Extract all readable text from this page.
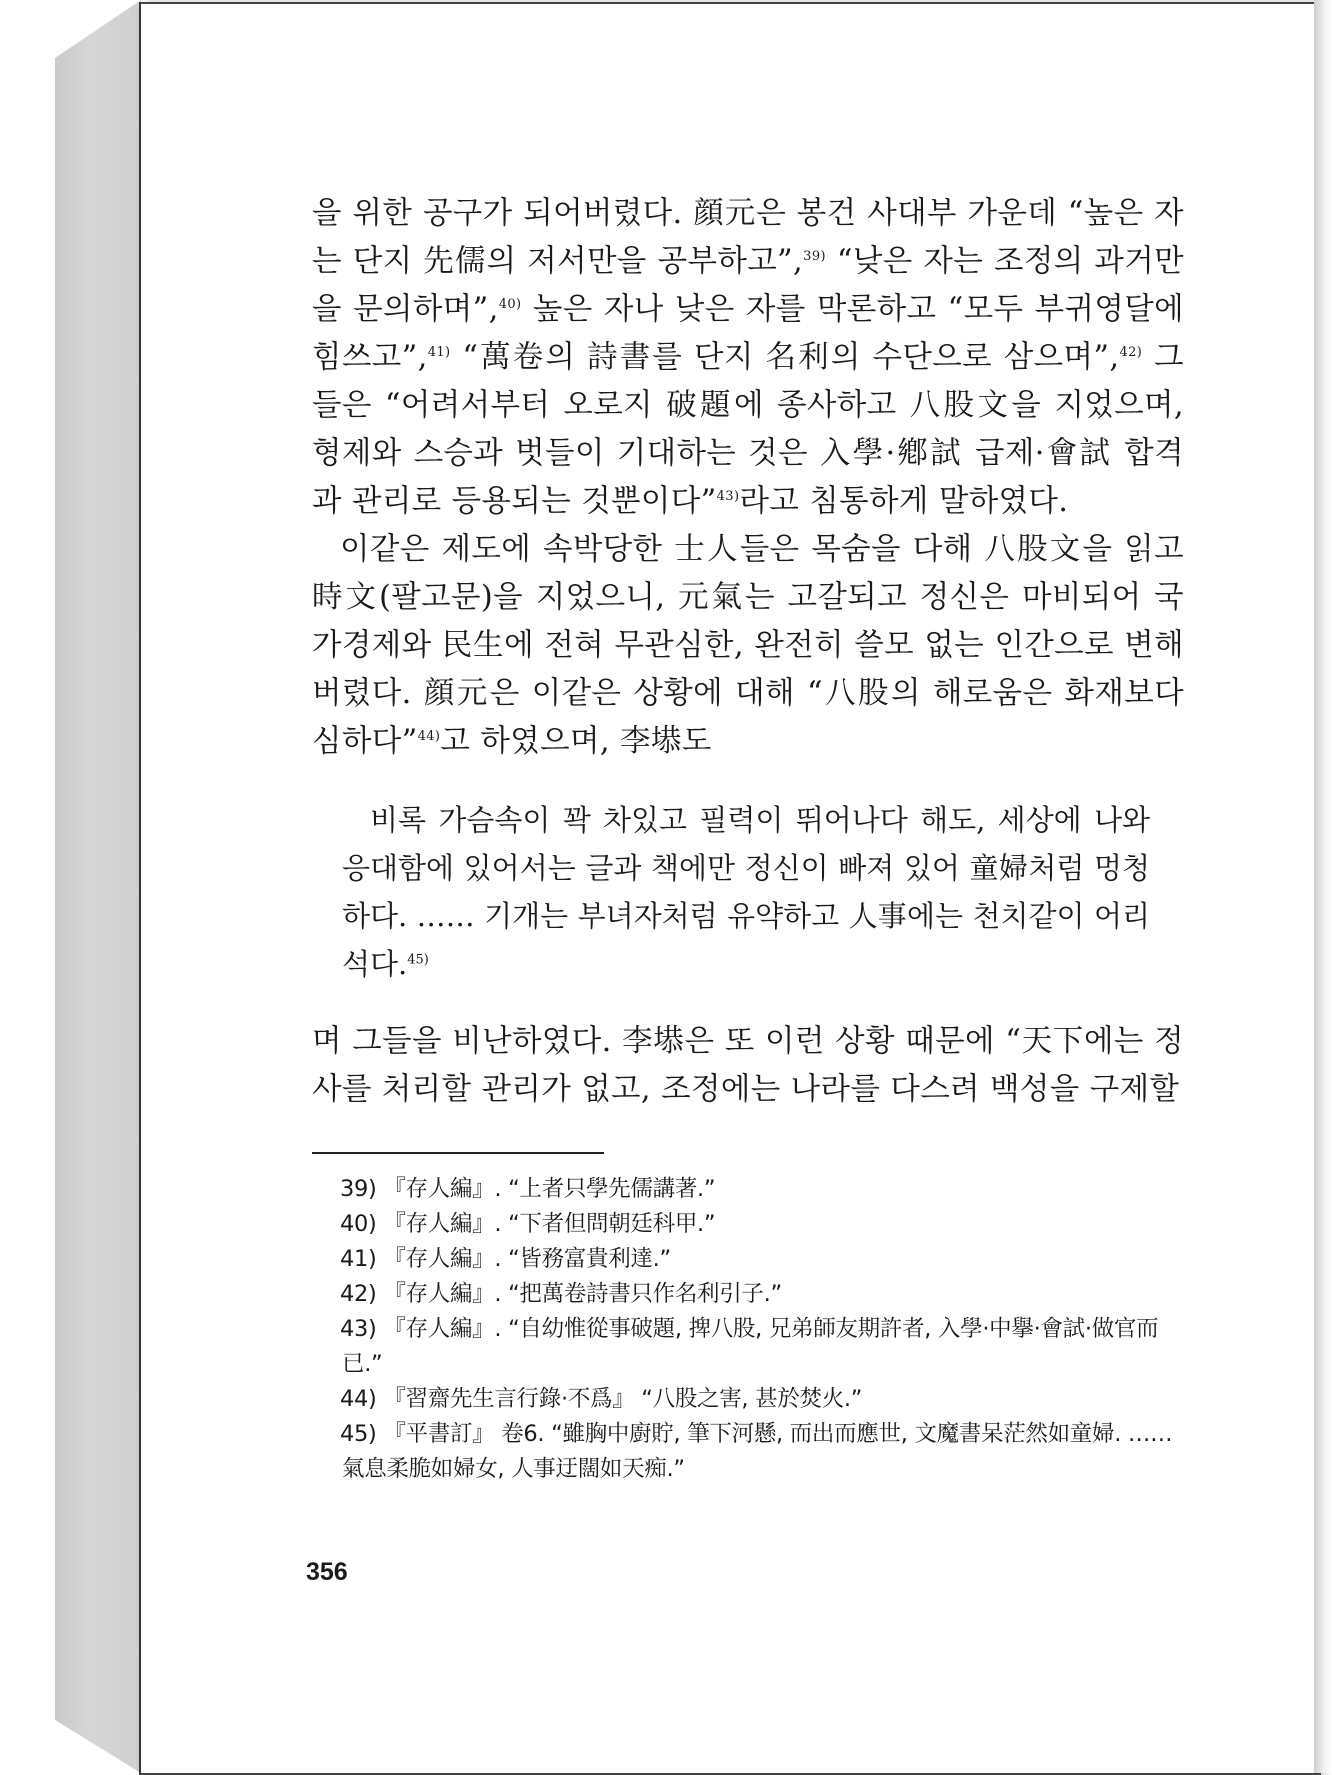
을 위한 공구가 되어버렸다. 顔元은 봉건 사대부 가운데 “높은 자는 단지 先儒의 저서만을 공부하고”,$^{39)}$ “낮은 자는 조정의 과거만을 문의하며”,$^{40)}$ 높은 자나 낮은 자를 막론하고 “모두 부귀영달에 힘쓰고”,$^{41)}$ “萬卷의 詩書를 단지 名利의 수단으로 삼으며”,$^{42)}$ 그들은 “어려서부터 오로지 破題에 종사하고 八股文을 지었으며, 형제와 스승과 벗들이 기대하는 것은 入學·鄕試 급제·會試 합격과 관리로 등용되는 것뿐이다”$^{43)}$라고 침통하게 말하였다.

이같은 제도에 속박당한 士人들은 목숨을 다해 八股文을 읽고 時文(팔고문)을 지었으니, 元氣는 고갈되고 정신은 마비되어 국가경제와 民生에 전혀 무관심한, 완전히 쓸모 없는 인간으로 변해버렸다. 顔元은 이같은 상황에 대해 “八股의 해로움은 화재보다 심하다”$^{44)}$고 하였으며, 李塨도

비록 가슴속이 꽉 차있고 필력이 뛰어나다 해도, 세상에 나와 응대함에 있어서는 글과 책에만 정신이 빠져 있어 童婦처럼 멍청하다. …… 기개는 부녀자처럼 유약하고 人事에는 천치같이 어리석다.$^{45)}$

며 그들을 비난하였다. 李塨은 또 이런 상황 때문에 “天下에는 정사를 처리할 관리가 없고, 조정에는 나라를 다스려 백성을 구제할

39) 『存人編』. “上者只學先儒講著.”
40) 『存人編』. “下者但問朝廷科甲.”
41) 『存人編』. “皆務富貴利達.”
42) 『存人編』. “把萬卷詩書只作名利引子.”
43) 『存人編』. “自幼惟從事破題, 捭八股, 兄弟師友期許者, 入學·中擧·會試·做官而已.”
44) 『習齋先生言行錄·不爲』 “八股之害, 甚於焚火.”
45) 『平書訂』 卷6. “雖胸中廚貯, 筆下河懸, 而出而應世, 文魔書呆茫然如童婦. …… 氣息柔脆如婦女, 人事迂闊如天痴.”
356
